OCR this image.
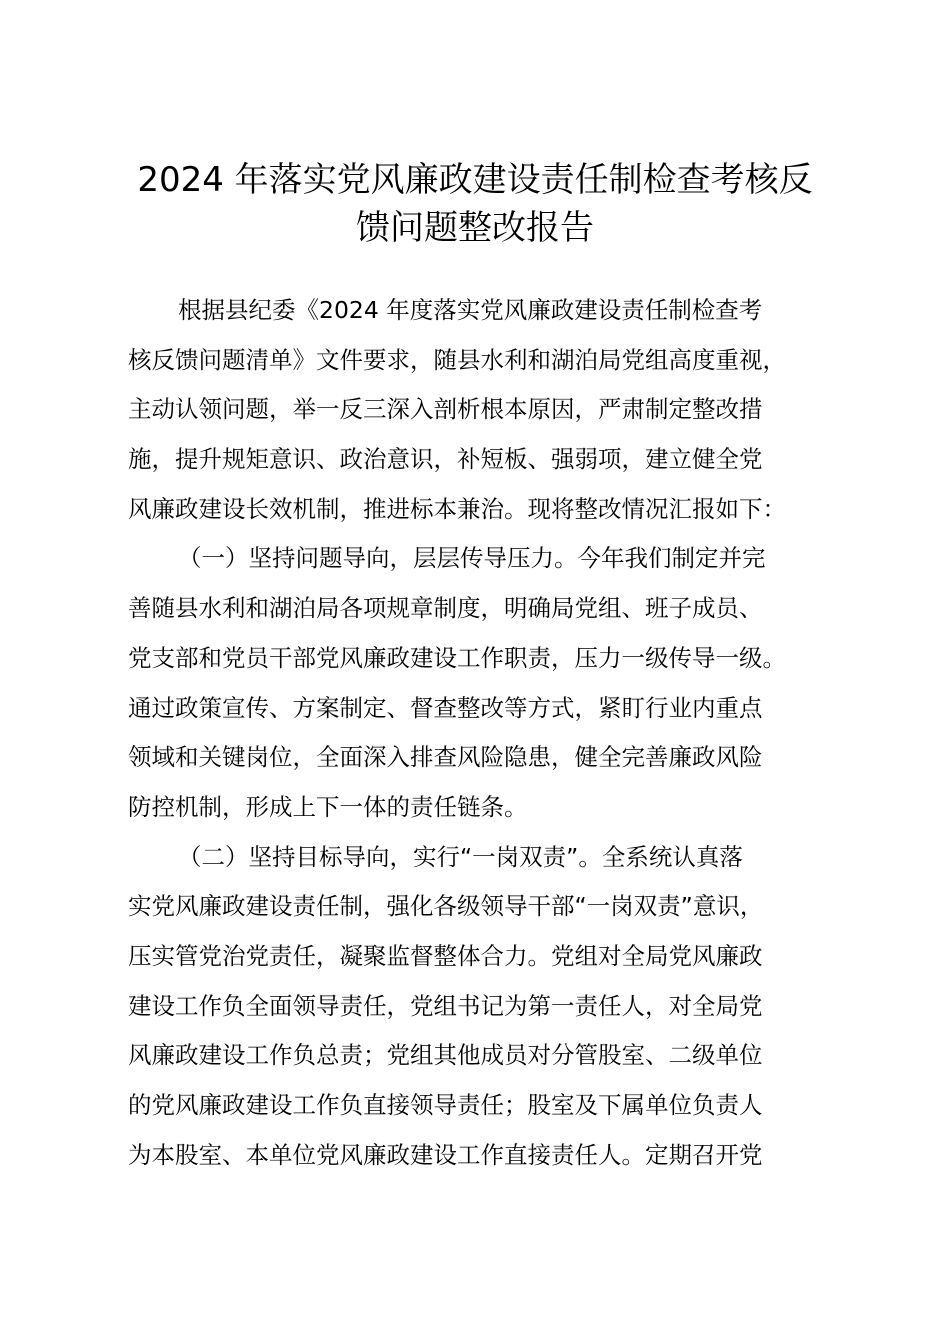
2024 年落实党风廉政建设责任制检查考核反
馈问题整改报告

根据县纪委《2024 年度落实党风廉政建设责任制检查考
核反馈问题清单》文件要求，随县水利和湖泊局党组高度重视，
主动认领问题，举一反三深入剖析根本原因，严肃制定整改措
施，提升规矩意识、政治意识，补短板、强弱项，建立健全党
风廉政建设长效机制，推进标本兼治。现将整改情况汇报如下：

（一）坚持问题导向，层层传导压力。今年我们制定并完
善随县水利和湖泊局各项规章制度，明确局党组、班子成员、
党支部和党员干部党风廉政建设工作职责，压力一级传导一级。
通过政策宣传、方案制定、督查整改等方式，紧盯行业内重点
领域和关键岗位，全面深入排查风险隐患，健全完善廉政风险
防控机制，形成上下一体的责任链条。

（二）坚持目标导向，实行“一岗双责”。全系统认真落
实党风廉政建设责任制，强化各级领导干部“一岗双责”意识，
压实管党治党责任，凝聚监督整体合力。党组对全局党风廉政
建设工作负全面领导责任，党组书记为第一责任人，对全局党
风廉政建设工作负总责；党组其他成员对分管股室、二级单位
的党风廉政建设工作负直接领导责任；股室及下属单位负责人
为本股室、本单位党风廉政建设工作直接责任人。定期召开党
